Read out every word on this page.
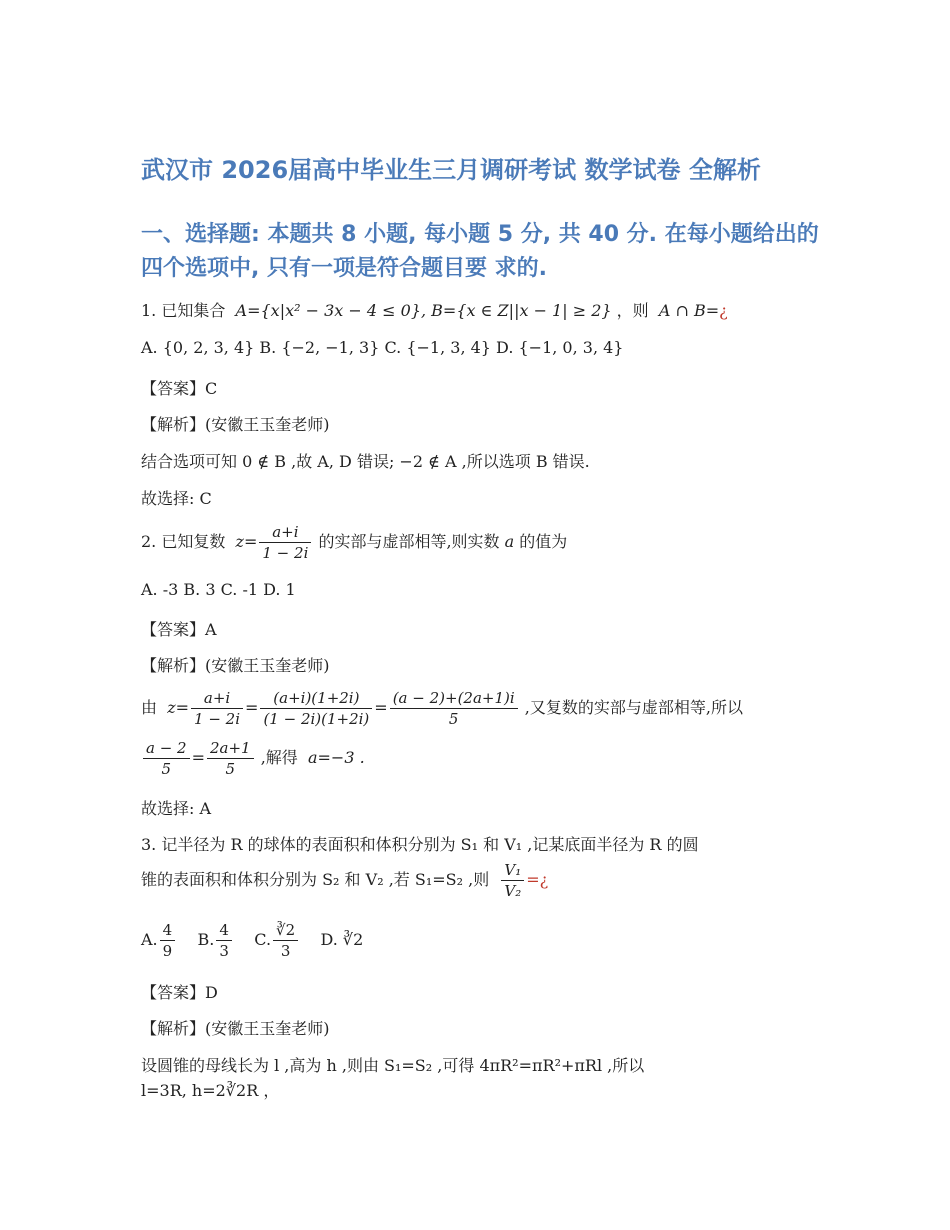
武汉市 2026届高中毕业生三月调研考试 数学试卷 全解析
一、选择题: 本题共 8 小题, 每小题 5 分, 共 40 分. 在每小题给出的四个选项中, 只有一项是符合题目要 求的.
1. 已知集合 A={x|x² − 3x − 4 ≤ 0}, B={x ∈ Z||x − 1| ≥ 2} ，则 A ∩ B=¿
A. {0, 2, 3, 4} B. {−2, −1, 3} C. {−1, 3, 4} D. {−1, 0, 3, 4}
【答案】C
【解析】(安徽王玉奎老师)
结合选项可知 0 ∉ B ,故 A, D 错误; −2 ∉ A ,所以选项 B 错误.
故选择: C
2. 已知复数 $z= \frac{a+i}{1 - 2i}$ 的实部与虚部相等,则实数 a 的值为
A. -3 B. 3 C. -1 D. 1
【答案】A
【解析】(安徽王玉奎老师)
由 $z= \frac{a+i}{1 - 2i} = \frac{(a+i)(1+2i)}{(1 - 2i)(1+2i)} = \frac{(a - 2)+(2a+1)i}{5}$ ,又复数的实部与虚部相等,所以
$\frac{a - 2}{5} = \frac{2a+1}{5}$ ,解得 a=−3 .
故选择: A
3. 记半径为 R 的球体的表面积和体积分别为 S₁ 和 V₁ ,记某底面半径为 R 的圆
锥的表面积和体积分别为 S₂ 和 V₂ ,若 S₁=S₂ ,则 $\frac{\text{V₁}}{\text{V₂}}$ =¿
A. $\frac{4}{9} B$. $\frac{4}{3} C$. $\frac{∛2}{3} D$. ∛2
【答案】D
【解析】(安徽王玉奎老师)
设圆锥的母线长为 l ,高为 h ,则由 S₁=S₂ ,可得 4πR²=πR²+πRl ,所以
l=3R, h=2∛2R ，
